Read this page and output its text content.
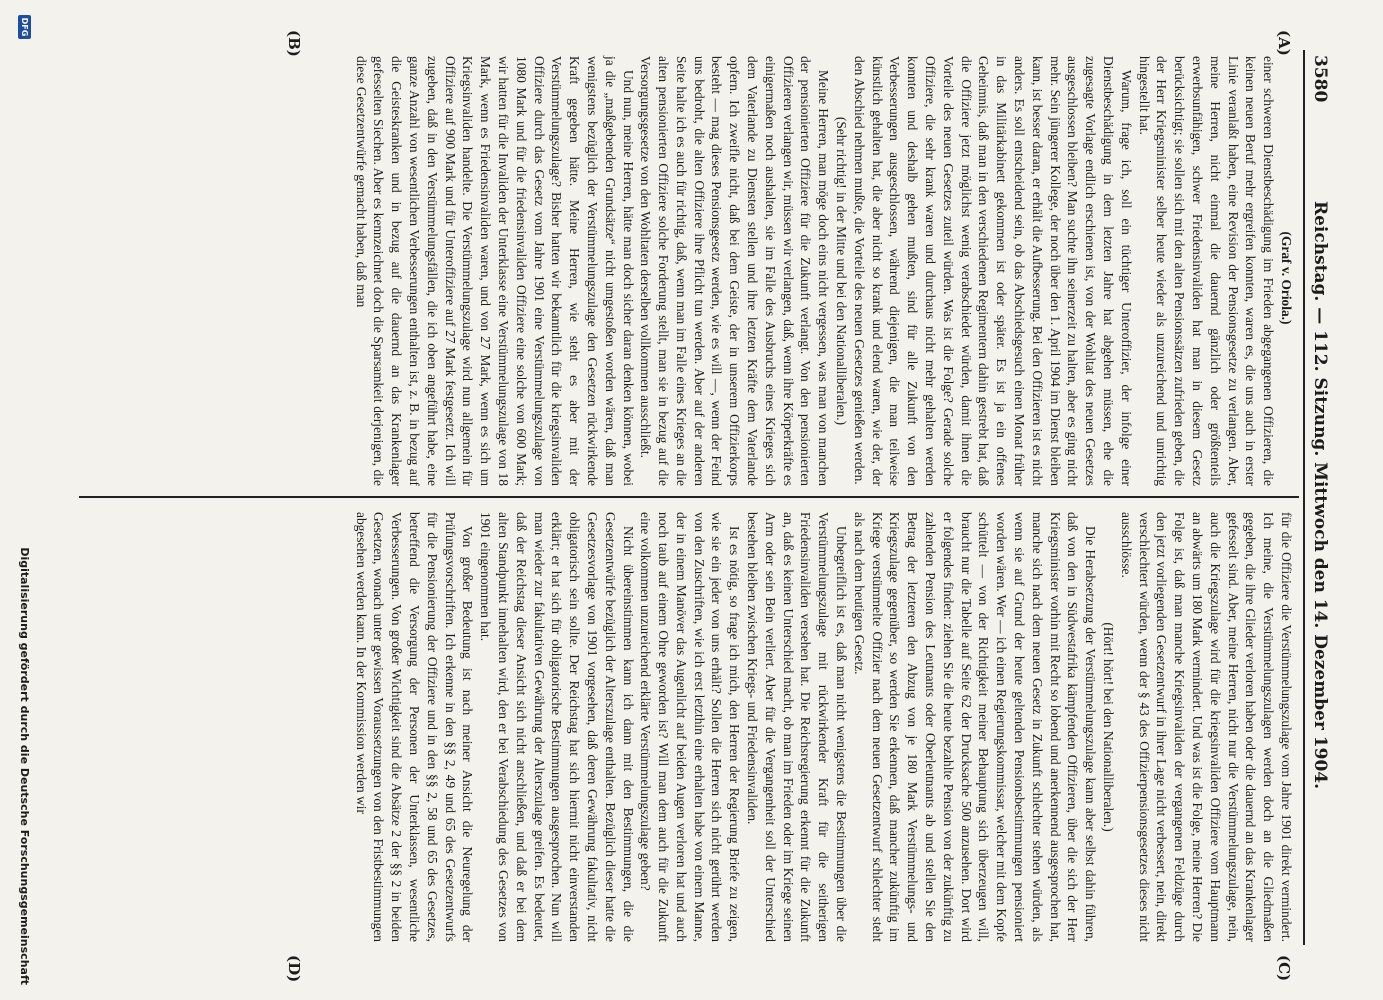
3580
Reichstag. — 112. Sitzung. Mittwoch den 14. Dezember 1904.
(A)
(B)
(C)
(D)

(Graf v. Oriola.)

einer schweren Dienstbeschädigung im Frieden abgegangenen Offizieren, die keinen neuen Beruf mehr ergreifen konnten, waren es, die uns auch in erster Linie veranlaßt haben, eine Revision der Pensionsgesetze zu verlangen. Aber, meine Herren, nicht einmal die dauernd gänzlich oder größtenteils erwerbsunfähigen, schwer Friedensinvaliden hat man in diesem Gesetz berücksichtigt; sie sollen sich mit den alten Pensionssätzen zufrieden geben, die der Herr Kriegsminister selber heute wieder als unzureichend und unrichtig hingestellt hat.

Warum, frage ich, soll ein tüchtiger Unteroffizier, der infolge einer Dienstbeschädigung in dem letzten Jahre hat abgehen müssen, ehe die zugesagte Vorlage endlich erschienen ist, von der Wohltat des neuen Gesetzes ausgeschlossen bleiben? Man suchte ihn seinerzeit zu halten, aber es ging nicht mehr. Sein jüngerer Kollege, der noch über den 1. April 1904 im Dienst bleiben kann, ist besser daran, er erhält die Aufbesserung. Bei den Offizieren ist es nicht anders. Es soll entscheidend sein, ob das Abschiedsgesuch einen Monat früher in das Militärkabinett gekommen ist oder später. Es ist ja ein offenes Geheimnis, daß man in den verschiedenen Regimentern dahin gestrebt hat, daß die Offiziere jetzt möglichst wenig verabschiedet würden, damit ihnen die Vorteile des neuen Gesetzes zuteil würden. Was ist die Folge? Gerade solche Offiziere, die sehr krank waren und durchaus nicht mehr gehalten werden konnten und deshalb gehen mußten, sind für alle Zukunft von den Verbesserungen ausgeschlossen, während diejenigen, die man teilweise künstlich gehalten hat, die aber nicht so krank und elend waren, wie der, der den Abschied nehmen mußte, die Vorteile des neuen Gesetzes genießen werden.

(Sehr richtig! in der Mitte und bei den Nationalliberalen.)

Meine Herren, man möge doch eins nicht vergessen, was man von manchen der pensionierten Offiziere für die Zukunft verlangt. Von den pensionierten Offizieren verlangen wir, müssen wir verlangen, daß, wenn ihre Körperkräfte es einigermaßen noch aushalten, sie im Falle des Ausbruchs eines Krieges sich dem Vaterlande zu Diensten stellen und ihre letzten Kräfte dem Vaterlande opfern. Ich zweifle nicht, daß bei dem Geiste, der in unserem Offizierkorps besteht — mag dieses Pensionsgesetz werden, wie es will —, wenn der Feind uns bedroht, die alten Offiziere ihre Pflicht tun werden. Aber auf der anderen Seite halte ich es auch für richtig, daß, wenn man im Falle eines Krieges an die alten pensionierten Offiziere solche Forderung stellt, man sie in bezug auf die Versorgungsgesetze von den Wohltaten derselben vollkommen ausschließt.

Und nun, meine Herren, hätte man doch sicher daran denken können, wobei ja die „maßgebenden Grundsätze“ nicht umgestoßen worden wären, daß man wenigstens bezüglich der Verstümmelungszulage den Gesetzen rückwirkende Kraft gegeben hätte. Meine Herren, wie steht es aber mit der Verstümmelungszulage? Bisher hatten wir bekanntlich für die kriegsinvaliden Offiziere durch das Gesetz vom Jahre 1901 eine Verstümmelungszulage von 1080 Mark und für die friedensinvaliden Offiziere eine solche von 600 Mark; wir hatten für die Invaliden der Unterklasse eine Verstümmelungszulage von 18 Mark, wenn es Friedensinvaliden waren, und von 27 Mark, wenn es sich um Kriegsinvaliden handelte. Die Verstümmelungszulage wird nun allgemein für Offiziere auf 900 Mark und für Unteroffiziere auf 27 Mark festgesetzt. Ich will zugeben, daß in den Verstümmelungsfällen, die ich oben angeführt habe, eine ganze Anzahl von wesentlichen Verbesserungen enthalten ist, z. B. in bezug auf die Geisteskranken und in bezug auf die dauernd an das Krankenlager gefesselten Siechen. Aber es kennzeichnet doch die Sparsamkeit derjenigen, die diese Gesetzentwürfe gemacht haben, daß man

für die Offiziere die Verstümmelungszulage vom Jahre 1901 direkt vermindert. Ich meine, die Verstümmelungszulagen werden doch an die Gliedmaßen gegeben, die ihre Glieder verloren haben oder die dauernd an das Krankenlager gefesselt sind. Aber, meine Herren, nicht nur die Verstümmelungszulage, nein, auch die Kriegszulage wird für die kriegsinvaliden Offiziere vom Hauptmann an abwärts um 180 Mark vermindert. Und was ist die Folge, meine Herren? Die Folge ist, daß man manche Kriegsinvaliden der vergangenen Feldzüge durch den jetzt vorliegenden Gesetzentwurf in ihrer Lage nicht verbessert, nein, direkt verschlechtert würden, wenn der § 43 des Offizierpensionsgesetzes dieses nicht ausschlösse.

(Hört! hört! bei den Nationalliberalen.)

Die Herabsetzung der Verstümmelungszulage kann aber selbst dahin führen, daß von den in Südwestafrika kämpfenden Offizieren, über die sich der Herr Kriegsminister vorhin mit Recht so lobend und anerkennend ausgesprochen hat, manche sich nach dem neuen Gesetz in Zukunft schlechter stehen würden, als wenn sie auf Grund der heute geltenden Pensionsbestimmungen pensioniert worden wären. Wer — ich einen Regierungskommissar, welcher mit dem Kopfe schüttelt — von der Richtigkeit meiner Behauptung sich überzeugen will, braucht nur die Tabelle auf Seite 62 der Drucksache 500 anzusehen. Dort wird er folgendes finden: ziehen Sie die heute bezahlte Pension von der zukünftig zu zahlenden Pension des Leutnants oder Oberleutnants ab und stellen Sie den Betrag der letzteren den Abzug von je 180 Mark Verstümmelungs- und Kriegszulage gegenüber, so werden Sie erkennen, daß mancher zukünftig im Kriege verstümmelte Offizier nach dem neuen Gesetzentwurf schlechter steht als nach dem heutigen Gesetz.

Unbegreiflich ist es, daß man nicht wenigstens die Bestimmungen über die Verstümmelungszulage mit rückwirkender Kraft für die seitherigen Friedensinvaliden versehen hat. Die Reichsregierung erkennt für die Zukunft an, daß es keinen Unterschied macht, ob man im Frieden oder im Kriege seinen Arm oder sein Bein verliert. Aber für die Vergangenheit soll der Unterschied bestehen bleiben zwischen Kriegs- und Friedensinvaliden.

Ist es nötig, so frage ich mich, den Herren der Regierung Briefe zu zeigen, wie sie ein jeder von uns erhält? Sollen die Herren sich nicht gerührt werden von den Zuschriften, wie ich erst letzthin eine erhalten habe von einem Manne, der in einem Manöver das Augenlicht auf beiden Augen verloren hat und auch noch taub auf einem Ohre geworden ist? Will man dem auch für die Zukunft eine volkommen unzureichend erklärte Verstümmelungszulage geben?

Nicht übereinstimmen kann ich dann mit den Bestimmungen, die die Gesetzentwürfe bezüglich der Alterszulage enthalten. Bezüglich dieser hatte die Gesetzesvorlage von 1901 vorgesehen, daß deren Gewährung fakultativ, nicht obligatorisch sein sollte. Der Reichstag hat sich hiermit nicht einverstanden erklärt; er hat sich für obligatorische Bestimmungen ausgesprochen. Nun will man wieder zur fakultativen Gewährung der Alterszulage greifen. Es bedeutet, daß der Reichstag dieser Ansicht sich nicht anschließen, und daß er bei dem alten Standpunkt innehalten wird, den er bei Verabschiedung des Gesetzes von 1901 eingenommen hat.

Von großer Bedeutung ist nach meiner Ansicht die Neuregelung der Prüfungsvorschriften. Ich erkenne in den §§ 2, 49 und 65 des Gesetzentwurfs für die Pensionierung der Offiziere und in den §§ 2, 58 und 65 des Gesetzes, betreffend die Versorgung der Personen der Unterklassen, wesentliche Verbesserungen. Von großer Wichtigkeit sind die Absätze 2 der §§ 2 in beiden Gesetzen, wonach unter gewissen Voraussetzungen von den Fristbestimmungen abgesehen werden kann. In der Kommission werden wir

DFG
Digitalisierung gefördert durch die Deutsche Forschungsgemeinschaft
